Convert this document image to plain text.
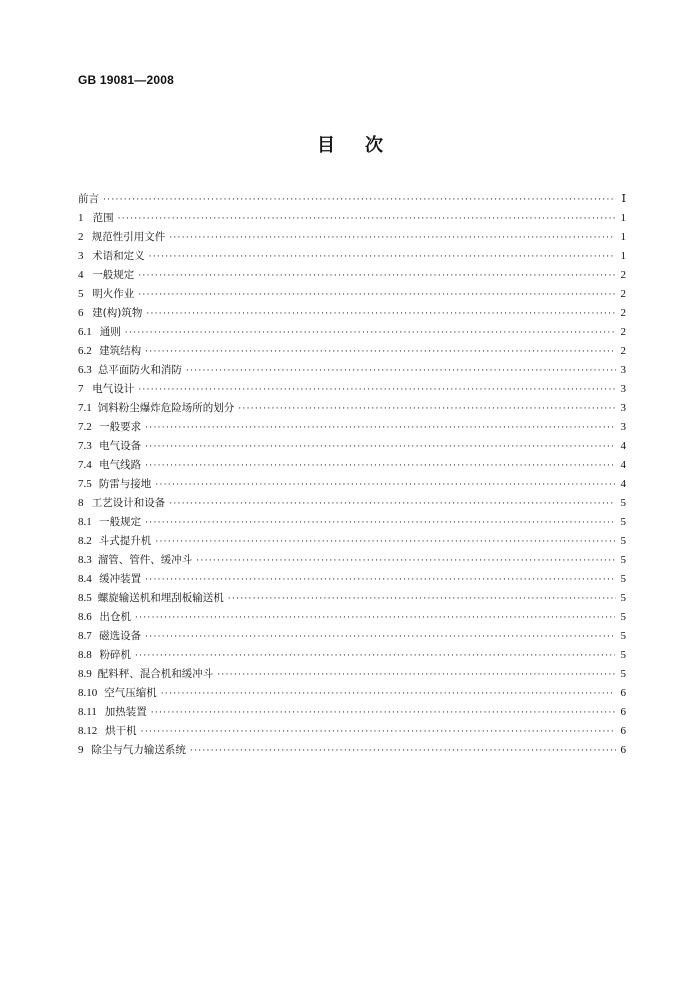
GB 19081—2008
目次
前言 ·····	Ⅰ
1 范围 ·····	1
2 规范性引用文件 ·····	1
3 术语和定义 ·····	1
4 一般规定 ·····	2
5 明火作业 ·····	2
6 建(构)筑物 ·····	2
6.1 通则 ·····	2
6.2 建筑结构 ·····	2
6.3 总平面防火和消防 ·····	3
7 电气设计 ·····	3
7.1 饲料粉尘爆炸危险场所的划分 ·····	3
7.2 一般要求 ·····	3
7.3 电气设备 ·····	4
7.4 电气线路 ·····	4
7.5 防雷与接地 ·····	4
8 工艺设计和设备 ·····	5
8.1 一般规定 ·····	5
8.2 斗式提升机 ·····	5
8.3 溜管、管件、缓冲斗 ·····	5
8.4 缓冲装置 ·····	5
8.5 螺旋输送机和埋刮板输送机 ·····	5
8.6 出仓机 ·····	5
8.7 磁选设备 ·····	5
8.8 粉碎机 ·····	5
8.9 配料秤、混合机和缓冲斗 ·····	5
8.10 空气压缩机 ·····	6
8.11 加热装置 ·····	6
8.12 烘干机 ·····	6
9 除尘与气力输送系统 ·····	6
